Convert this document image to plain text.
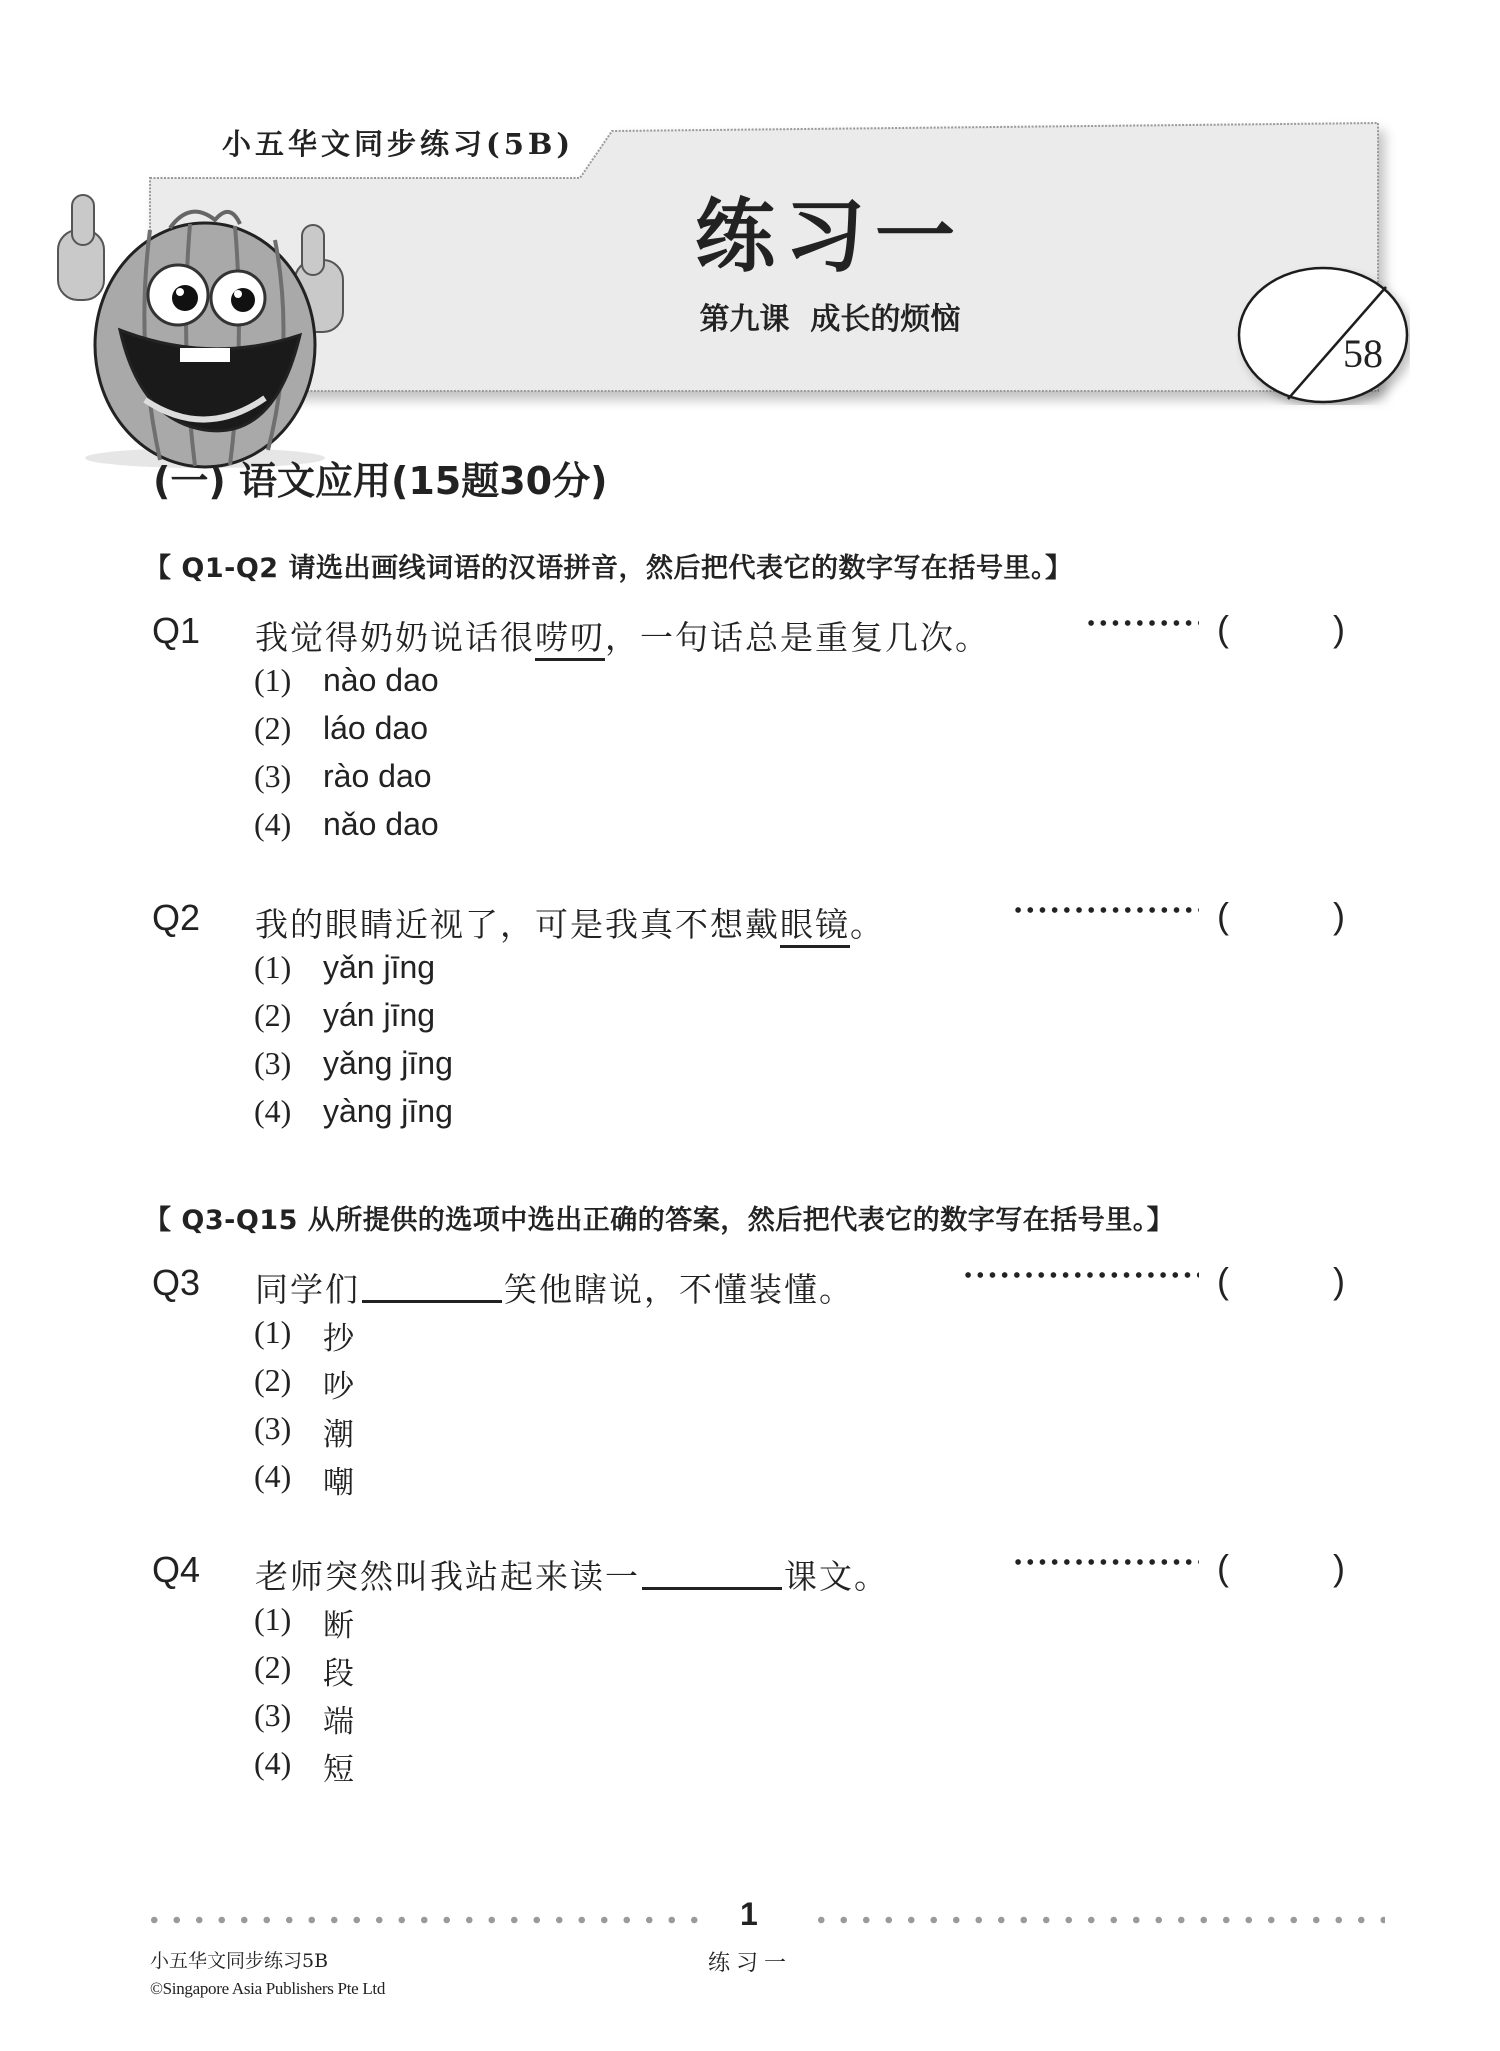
小五华文同步练习(5B)
练习一
第九课  成长的烦恼
58
(一) 语文应用(15题30分)
【 Q1-Q2 请选出画线词语的汉语拼音，然后把代表它的数字写在括号里。】
Q1 我觉得奶奶说话很唠叨，一句话总是重复几次。	(	)
(1) nào dao
(2) láo dao
(3) rào dao
(4) nǎo dao
Q2 我的眼睛近视了，可是我真不想戴眼镜。	(	)
(1) yǎn jīng
(2) yán jīng
(3) yǎng jīng
(4) yàng jīng
【 Q3-Q15 从所提供的选项中选出正确的答案，然后把代表它的数字写在括号里。】
Q3 同学们	笑他瞎说，不懂装懂。	(	)
(1) 抄
(2) 吵
(3) 潮
(4) 嘲
Q4 老师突然叫我站起来读一	课文。	(	)
(1) 断
(2) 段
(3) 端
(4) 短
1
小五华文同步练习5B	练习一
©Singapore Asia Publishers Pte Ltd
